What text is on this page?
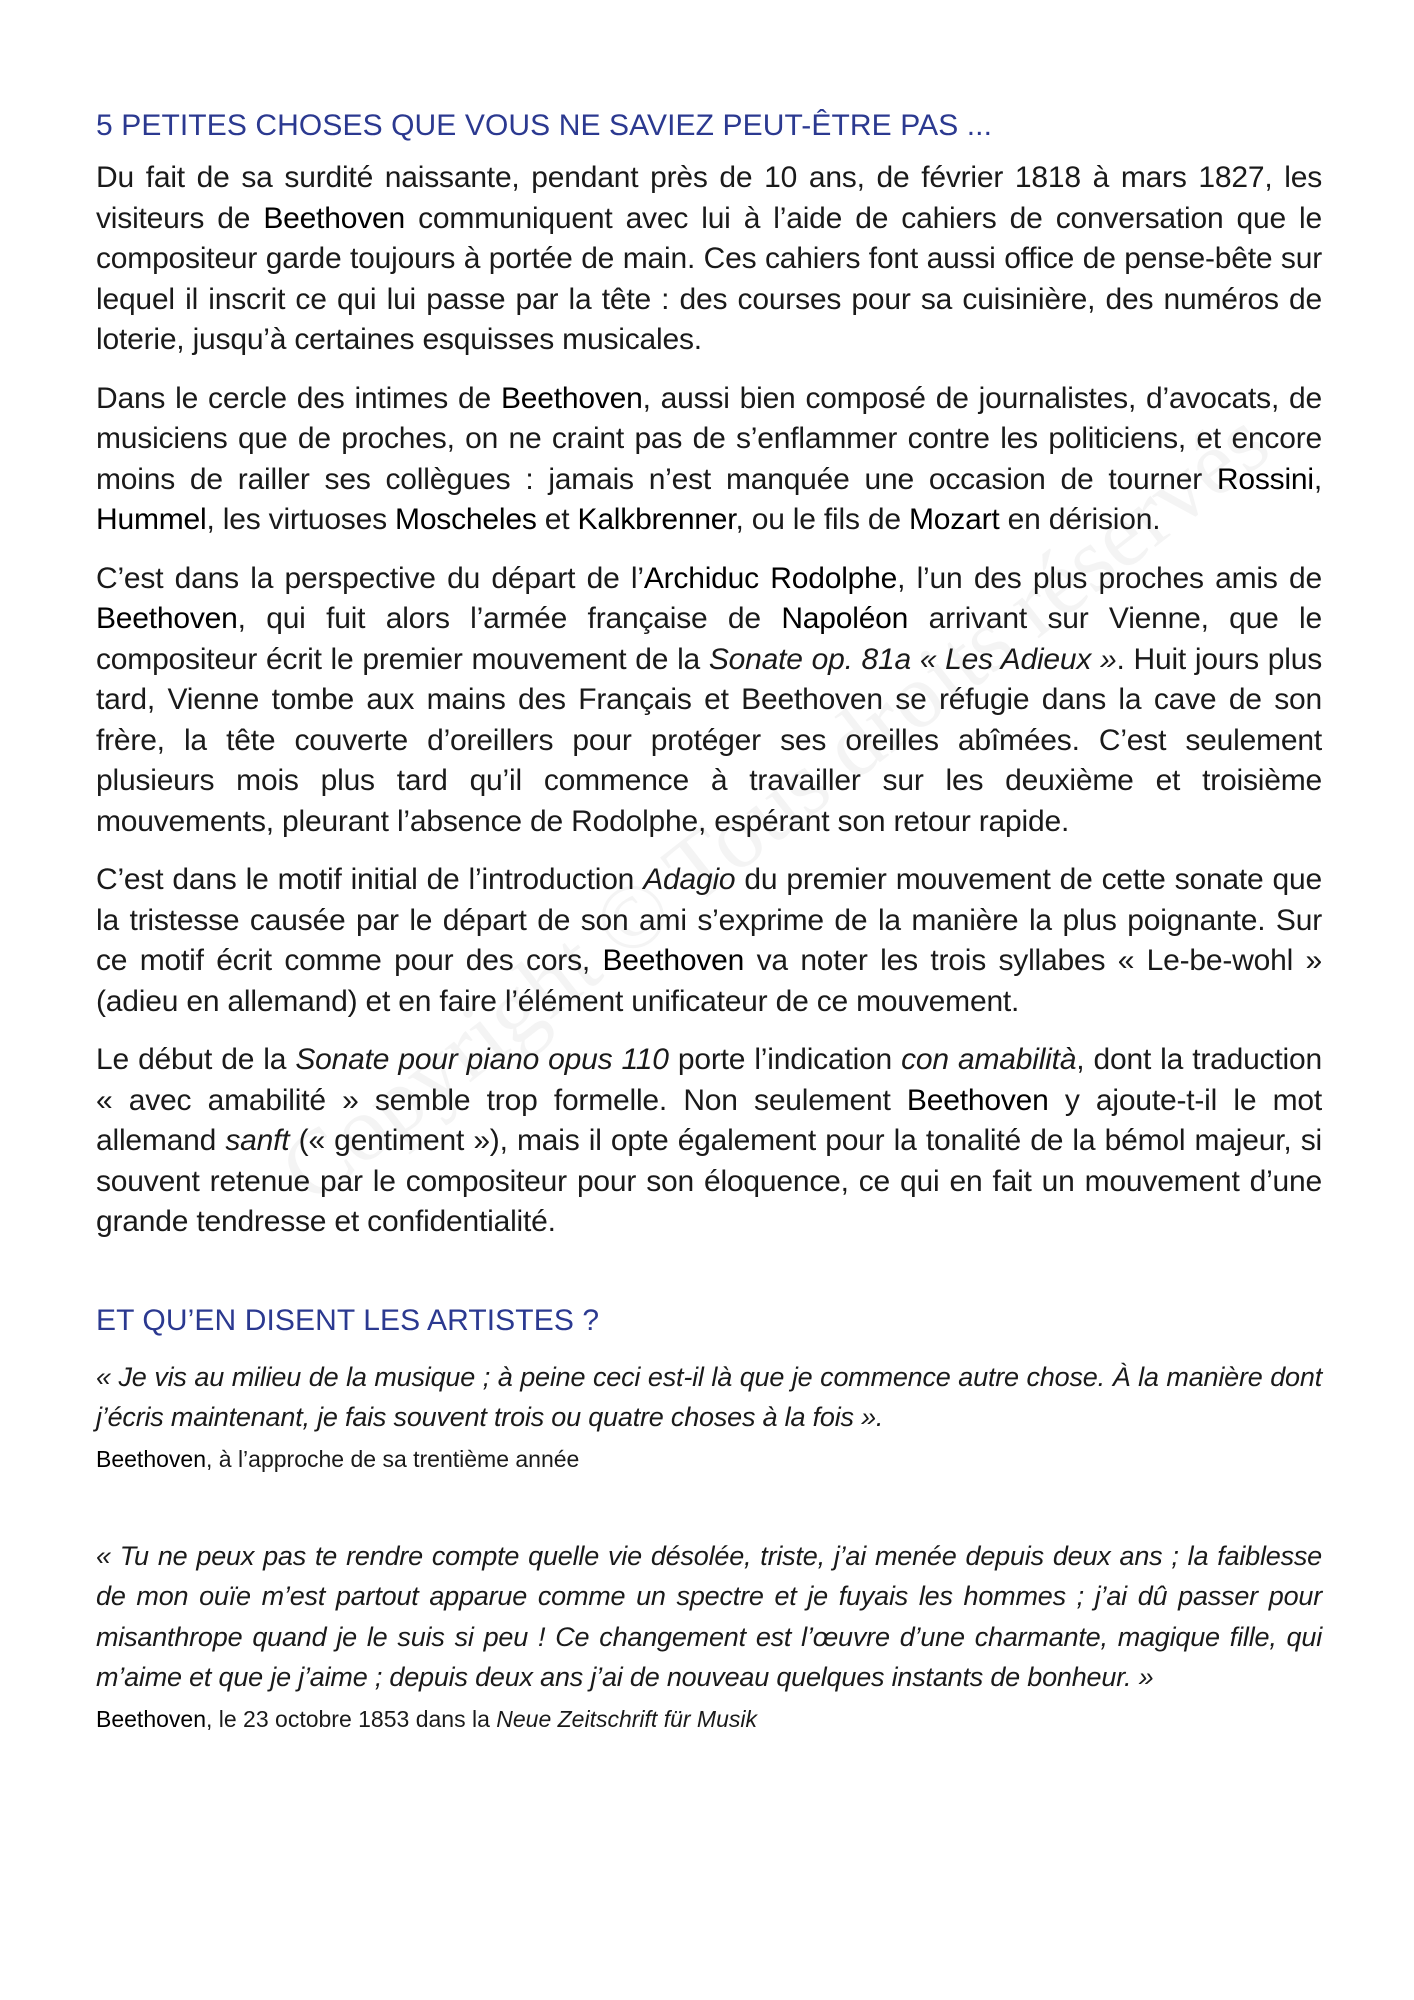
5 PETITES CHOSES QUE VOUS NE SAVIEZ PEUT-ÊTRE PAS ...

Du fait de sa surdité naissante, pendant près de 10 ans, de février 1818 à mars 1827, les visiteurs de Beethoven communiquent avec lui à l’aide de cahiers de conversation que le compositeur garde toujours à portée de main. Ces cahiers font aussi office de pense-bête sur lequel il inscrit ce qui lui passe par la tête : des courses pour sa cuisinière, des numéros de loterie, jusqu’à certaines esquisses musicales.

Dans le cercle des intimes de Beethoven, aussi bien composé de journalistes, d’avocats, de musiciens que de proches, on ne craint pas de s’enflammer contre les politiciens, et encore moins de railler ses collègues : jamais n’est manquée une occasion de tourner Rossini, Hummel, les virtuoses Moscheles et Kalkbrenner, ou le fils de Mozart en dérision.

C’est dans la perspective du départ de l’Archiduc Rodolphe, l’un des plus proches amis de Beethoven, qui fuit alors l’armée française de Napoléon arrivant sur Vienne, que le compositeur écrit le premier mouvement de la Sonate op. 81a « Les Adieux ». Huit jours plus tard, Vienne tombe aux mains des Français et Beethoven se réfugie dans la cave de son frère, la tête couverte d’oreillers pour protéger ses oreilles abîmées. C’est seulement plusieurs mois plus tard qu’il commence à travailler sur les deuxième et troisième mouvements, pleurant l’absence de Rodolphe, espérant son retour rapide.

C’est dans le motif initial de l’introduction Adagio du premier mouvement de cette sonate que la tristesse causée par le départ de son ami s’exprime de la manière la plus poignante. Sur ce motif écrit comme pour des cors, Beethoven va noter les trois syllabes « Le-be-wohl » (adieu en allemand) et en faire l’élément unificateur de ce mouvement.

Le début de la Sonate pour piano opus 110 porte l’indication con amabilità, dont la traduction « avec amabilité » semble trop formelle. Non seulement Beethoven y ajoute-t-il le mot allemand sanft (« gentiment »), mais il opte également pour la tonalité de la bémol majeur, si souvent retenue par le compositeur pour son éloquence, ce qui en fait un mouvement d’une grande tendresse et confidentialité.

ET QU’EN DISENT LES ARTISTES ?

« Je vis au milieu de la musique ; à peine ceci est-il là que je commence autre chose. À la manière dont j’écris maintenant, je fais souvent trois ou quatre choses à la fois ».

Beethoven, à l’approche de sa trentième année

« Tu ne peux pas te rendre compte quelle vie désolée, triste, j’ai menée depuis deux ans ; la faiblesse de mon ouïe m’est partout apparue comme un spectre et je fuyais les hommes ; j’ai dû passer pour misanthrope quand je le suis si peu ! Ce changement est l’œuvre d’une charmante, magique fille, qui m’aime et que je j’aime ; depuis deux ans j’ai de nouveau quelques instants de bonheur. »

Beethoven, le 23 octobre 1853 dans la Neue Zeitschrift für Musik
